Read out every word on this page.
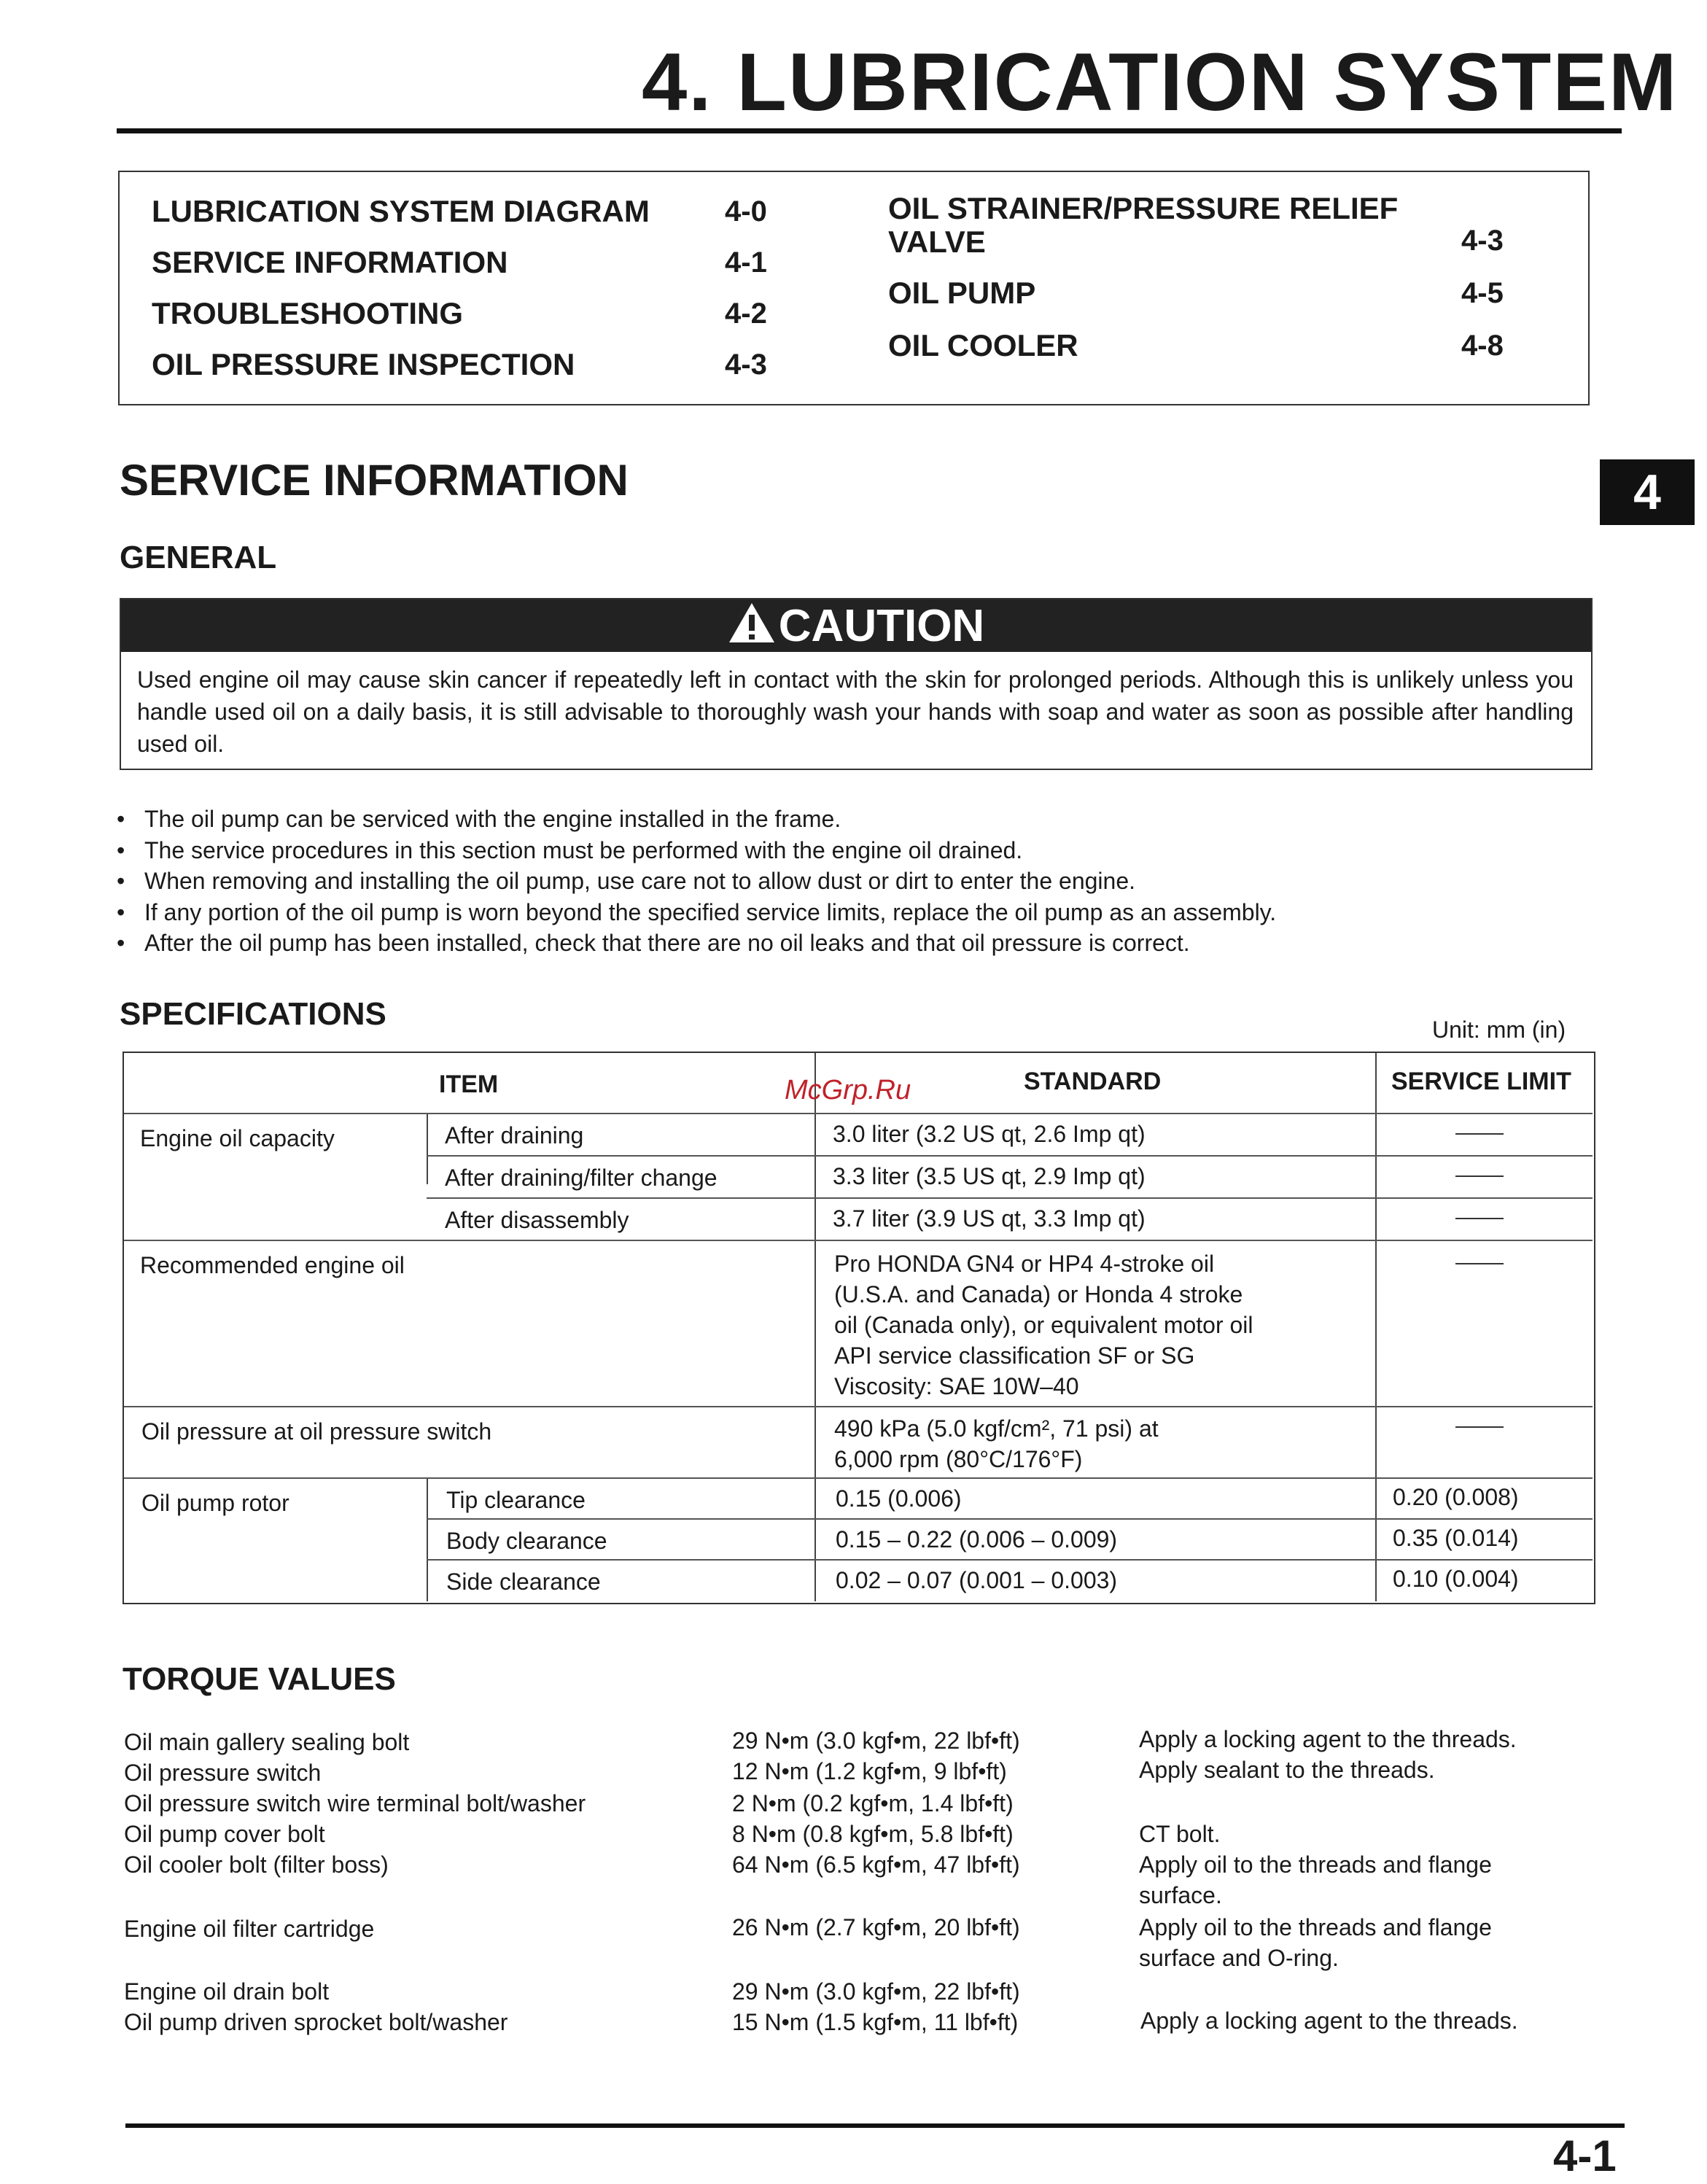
4. LUBRICATION SYSTEM
LUBRICATION SYSTEM DIAGRAM	4-0
SERVICE INFORMATION	4-1
TROUBLESHOOTING	4-2
OIL PRESSURE INSPECTION	4-3
OIL STRAINER/PRESSURE RELIEF
VALVE	4-3
OIL PUMP	4-5
OIL COOLER	4-8
4
SERVICE INFORMATION
GENERAL
CAUTION
Used engine oil may cause skin cancer if repeatedly left in contact with the skin for prolonged periods. Although this is unlikely unless you handle used oil on a daily basis, it is still advisable to thoroughly wash your hands with soap and water as soon as possible after handling used oil.
• The oil pump can be serviced with the engine installed in the frame.
• The service procedures in this section must be performed with the engine oil drained.
• When removing and installing the oil pump, use care not to allow dust or dirt to enter the engine.
• If any portion of the oil pump is worn beyond the specified service limits, replace the oil pump as an assembly.
• After the oil pump has been installed, check that there are no oil leaks and that oil pressure is correct.
SPECIFICATIONS	Unit: mm (in)
ITEM	STANDARD	SERVICE LIMIT
McGrp.Ru
Engine oil capacity	After draining	3.0 liter (3.2 US qt, 2.6 Imp qt)
After draining/filter change	3.3 liter (3.5 US qt, 2.9 Imp qt)
After disassembly	3.7 liter (3.9 US qt, 3.3 Imp qt)
Recommended engine oil	Pro HONDA GN4 or HP4 4-stroke oil
(U.S.A. and Canada) or Honda 4 stroke
oil (Canada only), or equivalent motor oil
API service classification SF or SG
Viscosity: SAE 10W–40
Oil pressure at oil pressure switch	490 kPa (5.0 kgf/cm², 71 psi) at
6,000 rpm (80°C/176°F)
Oil pump rotor	Tip clearance	0.15 (0.006)	0.20 (0.008)
Body clearance	0.15 – 0.22 (0.006 – 0.009)	0.35 (0.014)
Side clearance	0.02 – 0.07 (0.001 – 0.003)	0.10 (0.004)
TORQUE VALUES
Oil main gallery sealing bolt	29 N•m (3.0 kgf•m, 22 lbf•ft)	Apply a locking agent to the threads.
Oil pressure switch	12 N•m (1.2 kgf•m, 9 lbf•ft)	Apply sealant to the threads.
Oil pressure switch wire terminal bolt/washer	2 N•m (0.2 kgf•m, 1.4 lbf•ft)
Oil pump cover bolt	8 N•m (0.8 kgf•m, 5.8 lbf•ft)	CT bolt.
Oil cooler bolt (filter boss)	64 N•m (6.5 kgf•m, 47 lbf•ft)	Apply oil to the threads and flange
surface.
Engine oil filter cartridge	26 N•m (2.7 kgf•m, 20 lbf•ft)	Apply oil to the threads and flange
surface and O-ring.
Engine oil drain bolt	29 N•m (3.0 kgf•m, 22 lbf•ft)
Oil pump driven sprocket bolt/washer	15 N•m (1.5 kgf•m, 11 lbf•ft)	Apply a locking agent to the threads.
4-1
